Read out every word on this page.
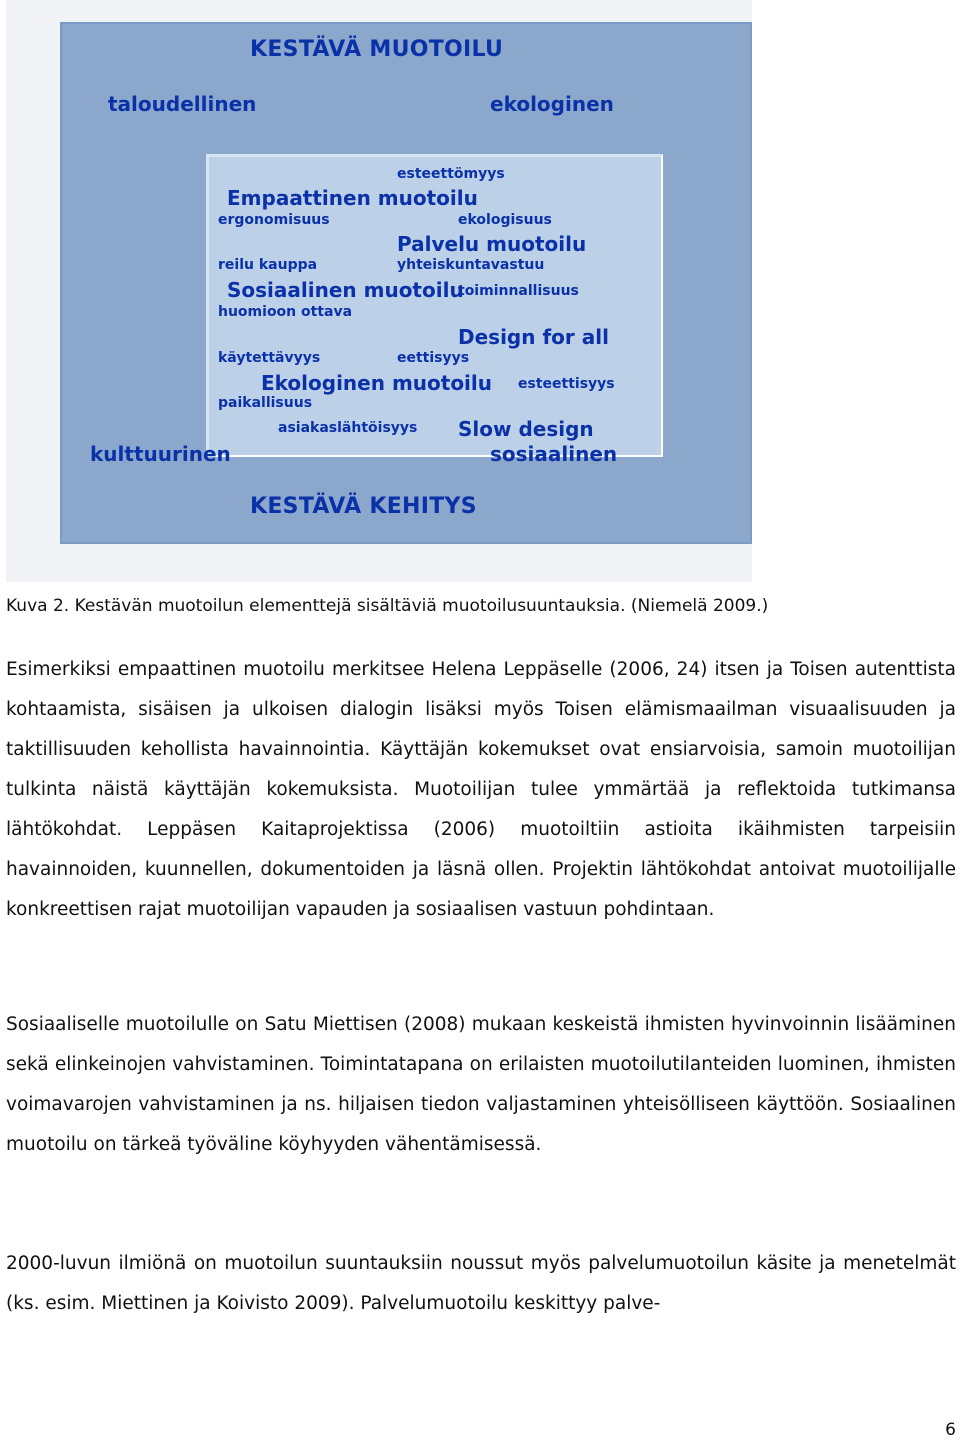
KESTÄVÄ MUOTOILU
taloudellinen	ekologinen
esteettömyys
Empaattinen muotoilu
ergonomisuus	ekologisuus
Palvelu muotoilu
reilu kauppa	yhteiskuntavastuu
Sosiaalinen muotoilu
toiminnallisuus
huomioon ottava
Design for all
käytettävyys	eettisyys
Ekologinen muotoilu esteettisyys
paikallisuus
asiakaslähtöisyys Slow design
kulttuurinen	sosiaalinen
KESTÄVÄ KEHITYS
Kuva 2. Kestävän muotoilun elementtejä sisältäviä muotoilusuuntauksia. (Niemelä 2009.)

Esimerkiksi empaattinen muotoilu merkitsee Helena Leppäselle (2006, 24) itsen ja Toisen autenttista kohtaamista, sisäisen ja ulkoisen dialogin lisäksi myös Toisen elämismaailman visuaalisuuden ja taktillisuuden kehollista havainnointia. Käyttäjän kokemukset ovat ensiarvoisia, samoin muotoilijan tulkinta näistä käyttäjän kokemuksista. Muotoilijan tulee ymmärtää ja reflektoida tutkimansa lähtökohdat. Leppäsen Kaitaprojektissa (2006) muotoiltiin astioita ikäihmisten tarpeisiin havainnoiden, kuunnellen, dokumentoiden ja läsnä ollen. Projektin lähtökohdat antoivat muotoilijalle konkreettisen rajat muotoilijan vapauden ja sosiaalisen vastuun pohdintaan.

Sosiaaliselle muotoilulle on Satu Miettisen (2008) mukaan keskeistä ihmisten hyvinvoinnin lisääminen sekä elinkeinojen vahvistaminen. Toimintatapana on erilaisten muotoilutilanteiden luominen, ihmisten voimavarojen vahvistaminen ja ns. hiljaisen tiedon valjastaminen yhteisölliseen käyttöön. Sosiaalinen muotoilu on tärkeä työväline köyhyyden vähentämisessä.

2000-luvun ilmiönä on muotoilun suuntauksiin noussut myös palvelumuotoilun käsite ja menetelmät (ks. esim. Miettinen ja Koivisto 2009). Palvelumuotoilu keskittyy palve-

6
